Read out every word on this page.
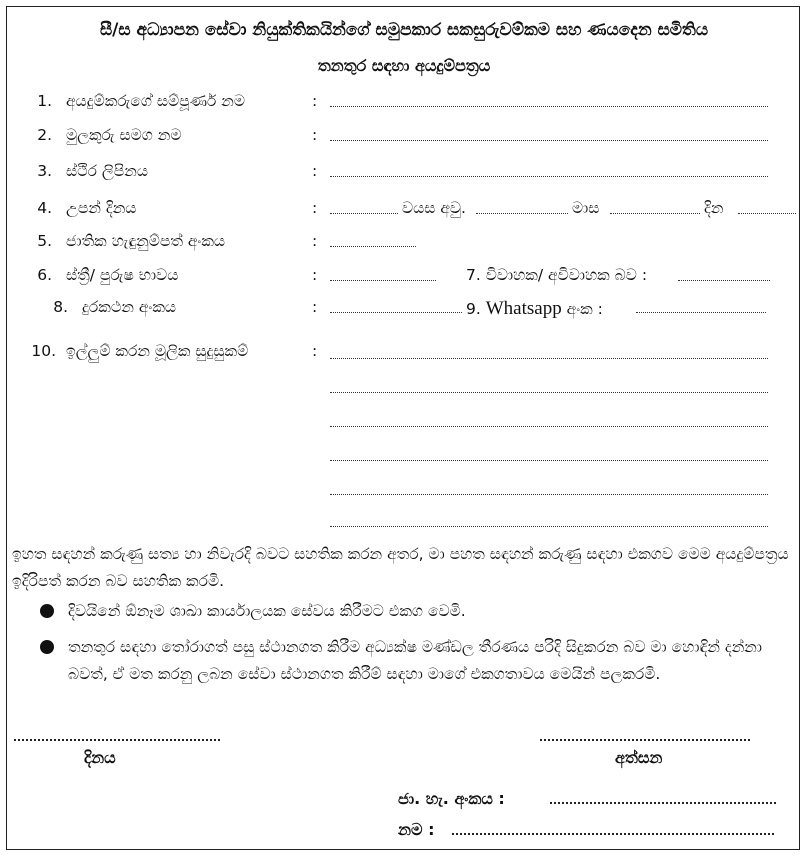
සී/ස අධ්‍යාපන සේවා නියුක්තිකයින්ගේ සමුපකාර සකසුරුවම්කම සහ ණයදෙන සමිතිය
තනතුර සඳහා අයදුම්පත්‍රය
1. අයදුම්කරුගේ සම්පූර්ණ නම	:
2. මුලකුරු සමග නම	:
3. ස්ථිර ලිපිනය	:
4. උපන් දිනය	:	වයස අවු.	මාස	දින
5. ජාතික හැඳුනුම්පත් අංකය	:
6. ස්ත්‍රී/ පුරුෂ භාවය	:	7. විවාහක/ අවිවාහක බව :
8. දුරකථන අංකය	:	9. Whatsapp අංක :
10. ඉල්ලුම් කරන මූලික සුදුසුකම්	:
ඉහත සඳහන් කරුණු සත්‍ය හා නිවැරදි බවට සහතික කරන අතර, මා පහත සඳහන් කරුණු සඳහා එකගව මෙම අයදුම්පත්‍රය ඉදිරිපත් කරන බව සහතික කරමි.
දිවයිනේ ඕනෑම ශාඛා කාර්යාලයක සේවය කිරීමට එකග වෙමි.
තනතුර සඳහා තෝරාගත් පසු ස්ථානගත කිරීම අධ්‍යක්ෂ මණ්ඩල තීරණය පරිදි සිදුකරන බව මා හොඳින් දන්නා බවත්, ඒ මත කරනු ලබන සේවා ස්ථානගත කිරීම් සඳහා මාගේ එකගතාවය මෙයින් පලකරමි.
දිනය	අත්සන
ජා. හැ. අංකය :
නම :
